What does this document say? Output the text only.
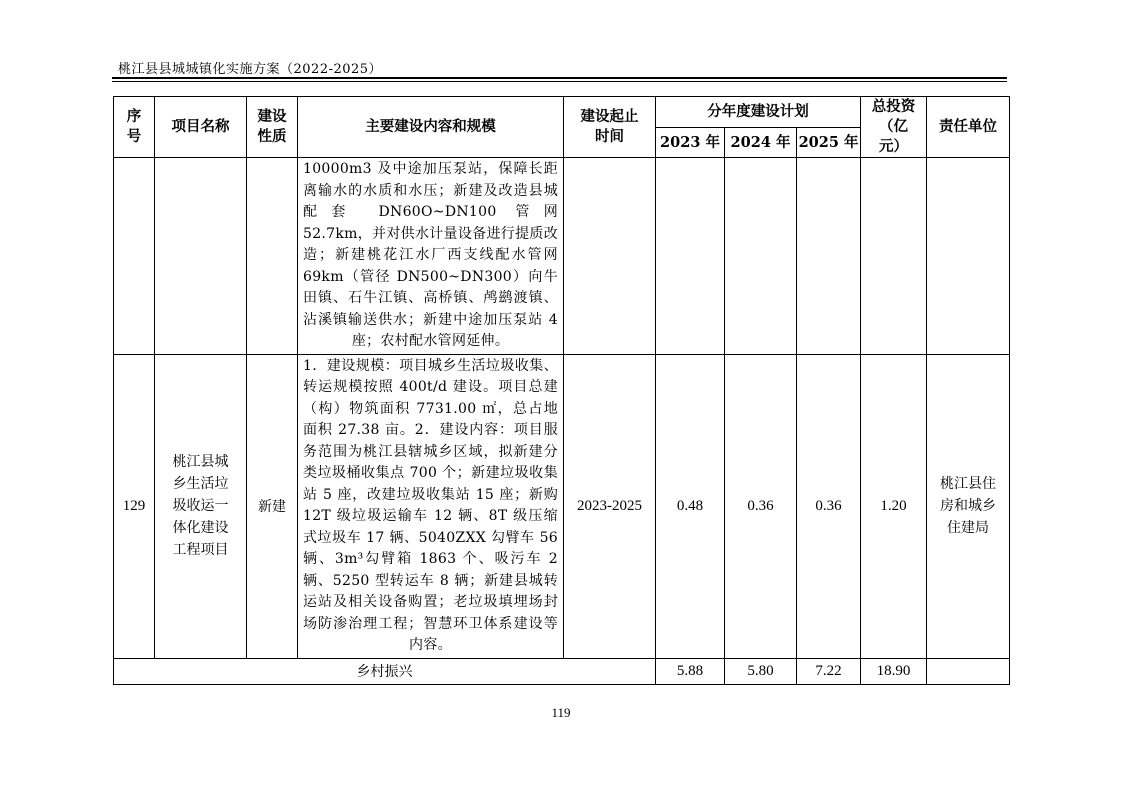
桃江县县城城镇化实施方案（2022-2025）
序号	项目名称	建设性质	主要建设内容和规模	建设起止时间	分年度建设计划			总投资（亿元）	责任单位
					2023 年	2024 年	2025 年		
			10000m3 及中途加压泵站，保障长距离输水的水质和水压；新建及改造县城配套 DN60O~DN100 管网 52.7km，并对供水计量设备进行提质改造；新建桃花江水厂西支线配水管网 69km（管径 DN500~DN300）向牛田镇、石牛江镇、高桥镇、鸬鹚渡镇、沾溪镇输送供水；新建中途加压泵站 4 座；农村配水管网延伸。						
129	桃江县城乡生活垃圾收运一体化建设工程项目	新建	1．建设规模：项目城乡生活垃圾收集、转运规模按照 400t/d 建设。项目总建（构）物筑面积 7731.00 ㎡，总占地面积 27.38 亩。2．建设内容：项目服务范围为桃江县辖城乡区域，拟新建分类垃圾桶收集点 700 个；新建垃圾收集站 5 座，改建垃圾收集站 15 座；新购 12T 级垃圾运输车 12 辆、8T 级压缩式垃圾车 17 辆、5040ZXX 勾臂车 56 辆、3m³勾臂箱 1863 个、吸污车 2 辆、5250 型转运车 8 辆；新建县城转运站及相关设备购置；老垃圾填埋场封场防渗治理工程；智慧环卫体系建设等内容。	2023-2025	0.48	0.36	0.36	1.20	桃江县住房和城乡住建局
乡村振兴					5.88	5.80	7.22	18.90	
119
